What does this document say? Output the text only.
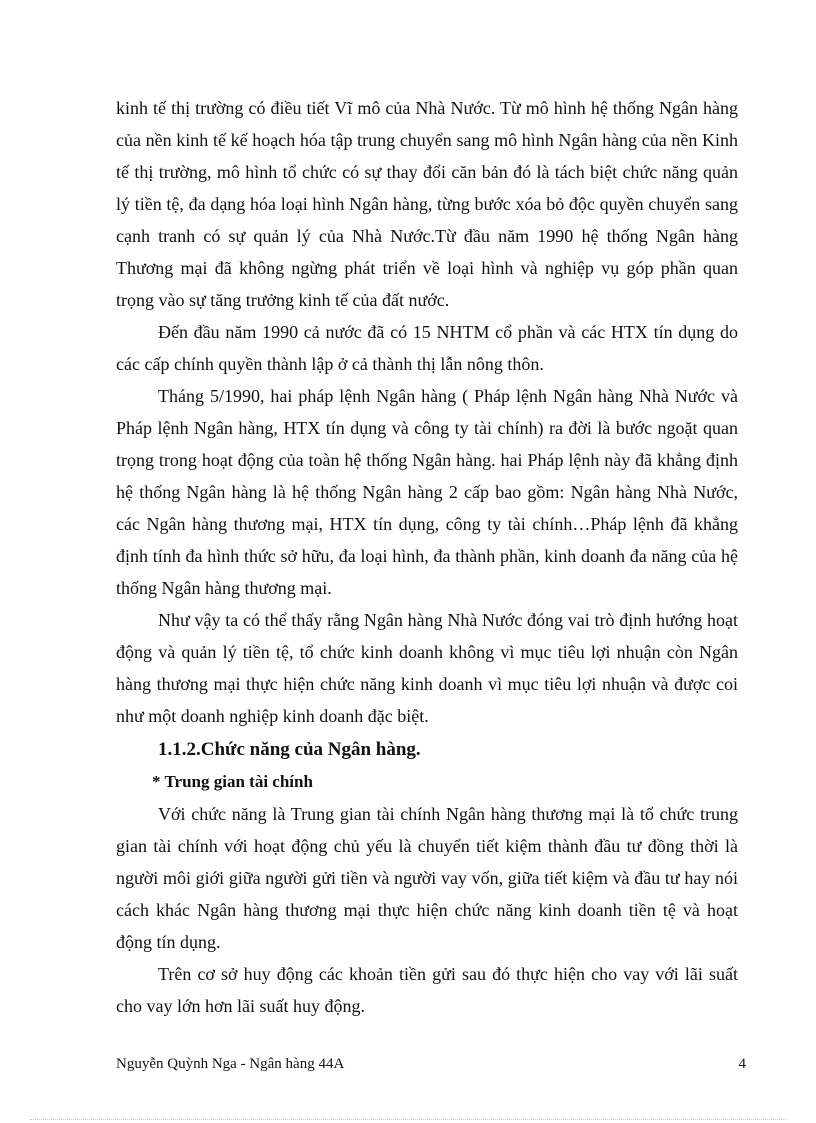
kinh tế thị trường có điều tiết Vĩ mô của Nhà Nước. Từ mô hình hệ thống Ngân hàng của nền kinh tế kế hoạch hóa tập trung chuyển sang mô hình Ngân hàng của nền Kinh tế thị trường, mô hình tổ chức có sự thay đổi căn bản đó là tách biệt chức năng quản lý tiền tệ, đa dạng hóa loại hình Ngân hàng, từng bước xóa bỏ độc quyền chuyển sang cạnh tranh có sự quản lý của Nhà Nước.Từ đầu năm 1990 hệ thống Ngân hàng Thương mại đã không ngừng phát triển về loại hình và nghiệp vụ góp phần quan trọng vào sự tăng trưởng kinh tế của đất nước.

Đến đầu năm 1990 cả nước đã có 15 NHTM cổ phần và các HTX tín dụng do các cấp chính quyền thành lập ở cả thành thị lẫn nông thôn.

Tháng 5/1990, hai pháp lệnh Ngân hàng ( Pháp lệnh Ngân hàng Nhà Nước và Pháp lệnh Ngân hàng, HTX tín dụng và công ty tài chính) ra đời là bước ngoặt quan trọng trong hoạt động của toàn hệ thống Ngân hàng. hai Pháp lệnh này đã khẳng định hệ thống Ngân hàng là hệ thống Ngân hàng 2 cấp bao gồm: Ngân hàng Nhà Nước, các Ngân hàng thương mại, HTX tín dụng, công ty tài chính…Pháp lệnh đã khẳng định tính đa hình thức sở hữu, đa loại hình, đa thành phần, kinh doanh đa năng của hệ thống Ngân hàng thương mại.

Như vậy ta có thể thấy rằng Ngân hàng Nhà Nước đóng vai trò định hướng hoạt động và quản lý tiền tệ, tổ chức kinh doanh không vì mục tiêu lợi nhuận còn Ngân hàng thương mại thực hiện chức năng kinh doanh vì mục tiêu lợi nhuận và được coi như một doanh nghiệp kinh doanh đặc biệt.

1.1.2.Chức năng của Ngân hàng.
* Trung gian tài chính

Với chức năng là Trung gian tài chính Ngân hàng thương mại là tổ chức trung gian tài chính với hoạt động chủ yếu là chuyển tiết kiệm thành đầu tư đồng thời là người môi giới giữa người gửi tiền và người vay vốn, giữa tiết kiệm và đầu tư hay nói cách khác Ngân hàng thương mại thực hiện chức năng kinh doanh tiền tệ và hoạt động tín dụng.

Trên cơ sở huy động các khoản tiền gửi sau đó thực hiện cho vay với lãi suất cho vay lớn hơn lãi suất huy động.

Nguyễn Quỳnh Nga - Ngân hàng 44A	4
